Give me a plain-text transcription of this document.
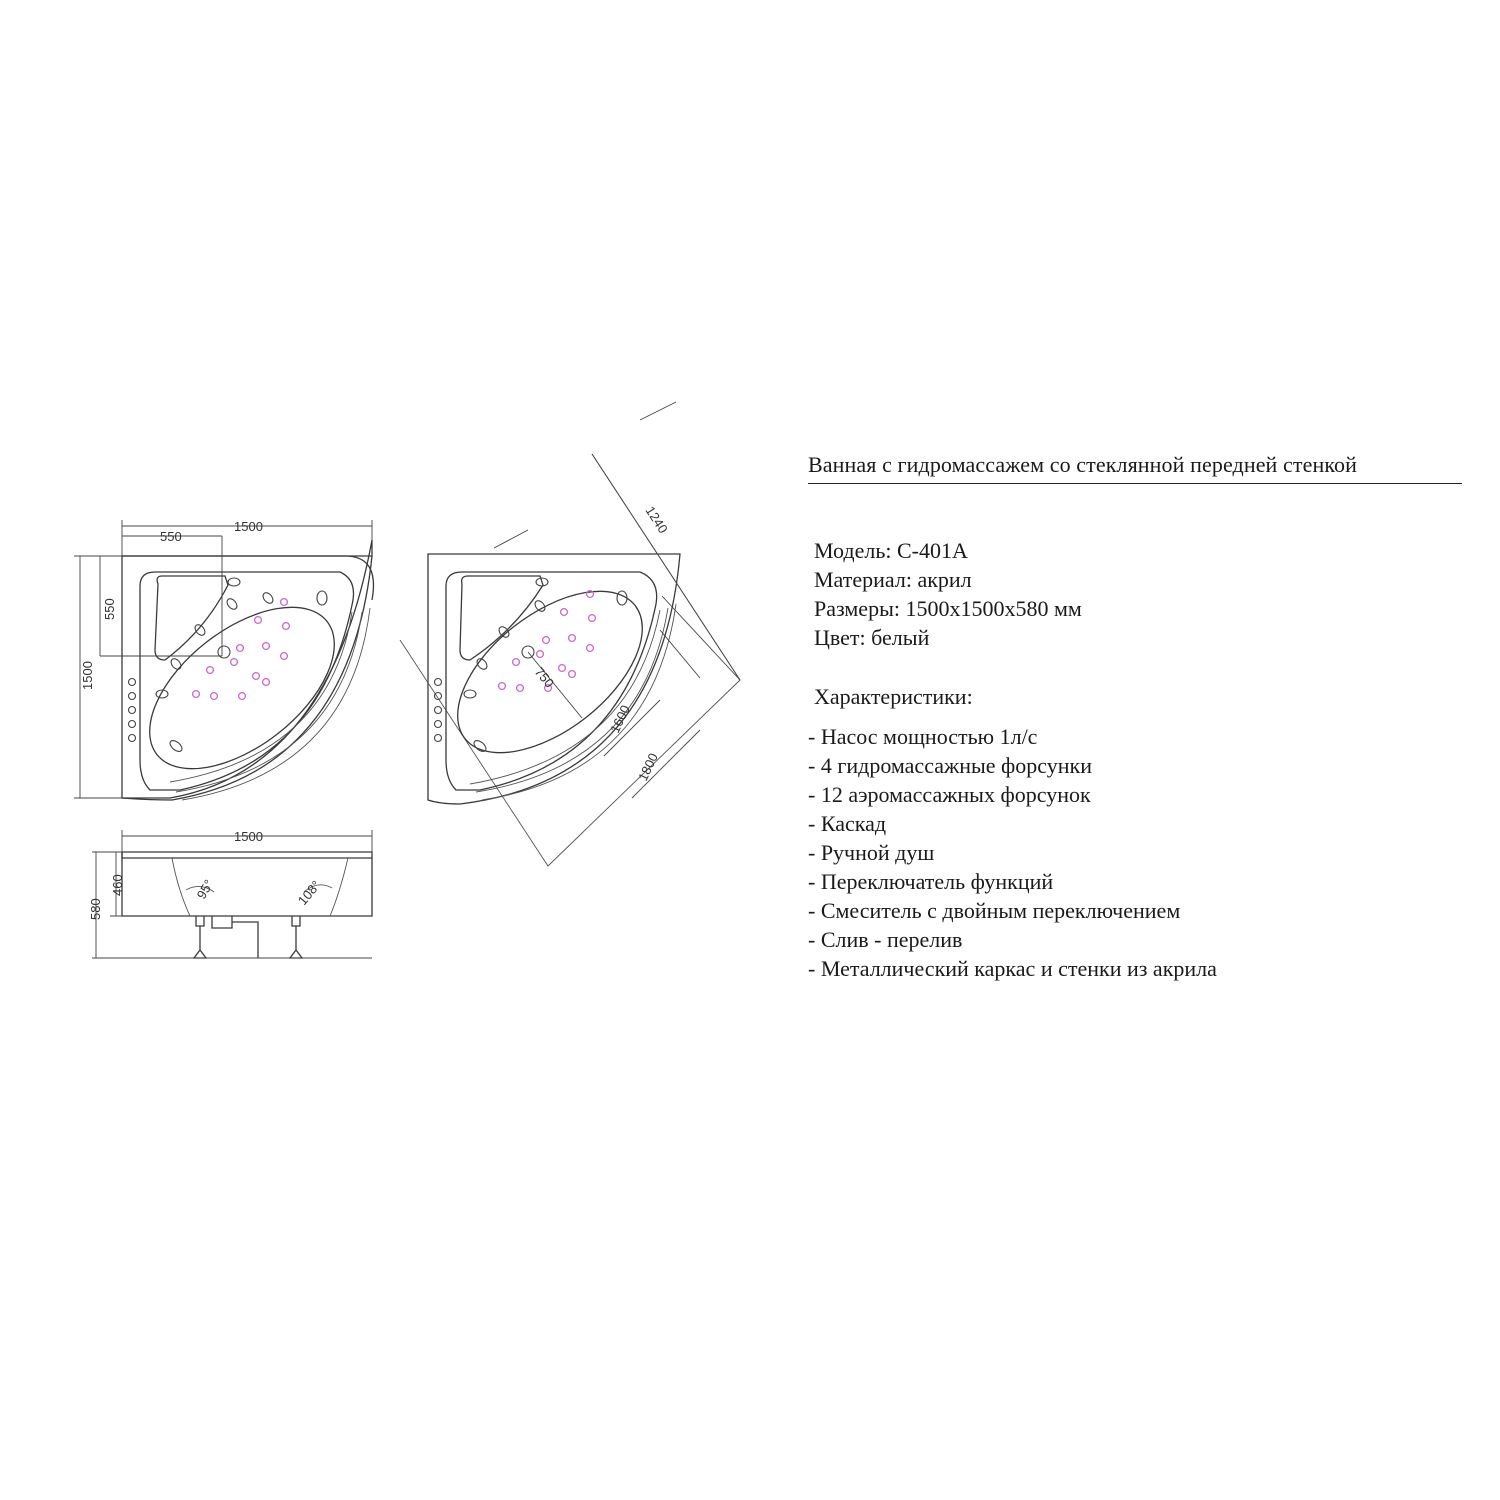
1500
550
550
1500
1500
95°	108°
580
460
1240
750
1600
1800
Ванная с гидромассажем со стеклянной передней стенкой
Модель: C-401A
Материал: акрил
Размеры: 1500x1500x580 мм
Цвет: белый
Характеристики:
- Насос мощностью 1л/с
- 4 гидромассажные форсунки
- 12 аэромассажных форсунок
- Каскад
- Ручной душ
- Переключатель функций
- Смеситель с двойным переключением
- Слив - перелив
- Металлический каркас и стенки из акрила
